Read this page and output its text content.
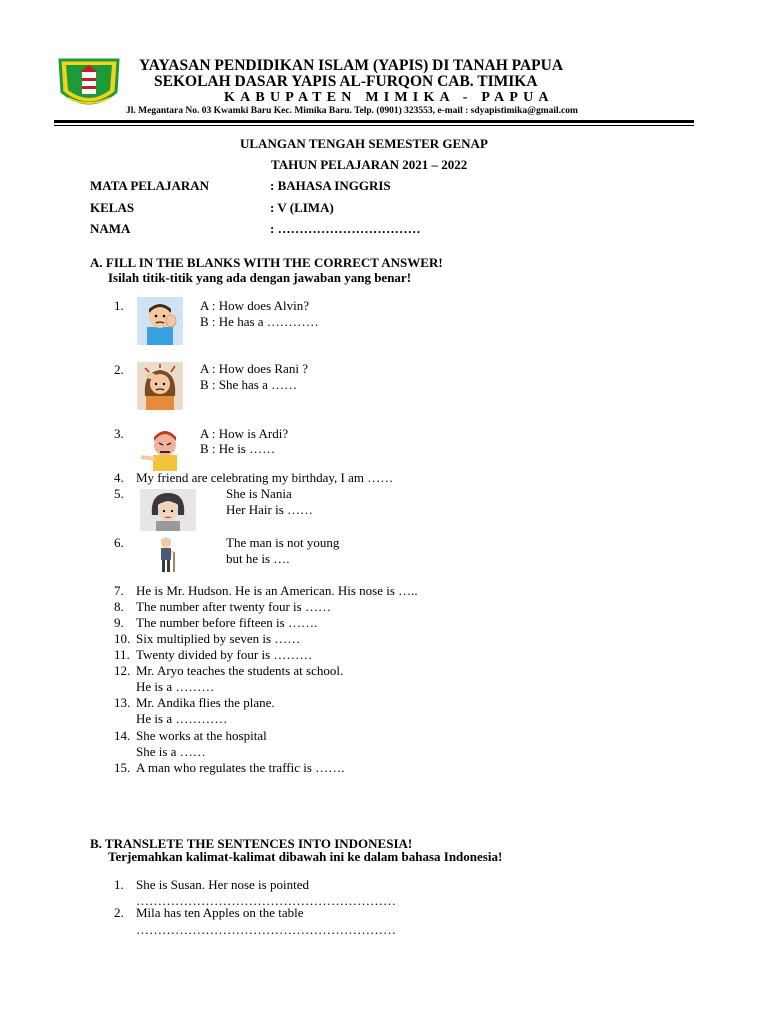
YAYASAN PENDIDIKAN ISLAM (YAPIS) DI TANAH PAPUA
SEKOLAH DASAR YAPIS AL-FURQON CAB. TIMIKA
KABUPATEN MIMIKA - PAPUA
Jl. Megantara No. 03 Kwamki Baru Kec. Mimika Baru. Telp. (0901) 323553, e-mail : sdyapistimika@gmail.com
ULANGAN TENGAH SEMESTER GENAP
TAHUN PELAJARAN 2021 – 2022
MATA PELAJARAN	: BAHASA INGGRIS
KELAS	: V (LIMA)
NAMA	: ……………………………
A. FILL IN THE BLANKS WITH THE CORRECT ANSWER!
Isilah titik-titik yang ada dengan jawaban yang benar!
1.	A : How does Alvin?
B : He has a …………
2.	A : How does Rani ?
B : She has a ……
3.	A : How is Ardi?
B : He is ……
4. My friend are celebrating my birthday, I am ……
5.	She is Nania
Her Hair is ……
6.	The man is not young
but he is ….
7. He is Mr. Hudson. He is an American. His nose is …..
8. The number after twenty four is ……
9. The number before fifteen is …….
10. Six multiplied by seven is ……
11. Twenty divided by four is ………
12. Mr. Aryo teaches the students at school.
He is a ………
13. Mr. Andika flies the plane.
He is a …………
14. She works at the hospital
She is a ……
15. A man who regulates the traffic is …….
B. TRANSLETE THE SENTENCES INTO INDONESIA!
Terjemahkan kalimat-kalimat dibawah ini ke dalam bahasa Indonesia!
1. She is Susan. Her nose is pointed
……………………………………………………
2. Mila has ten Apples on the table
……………………………………………………
